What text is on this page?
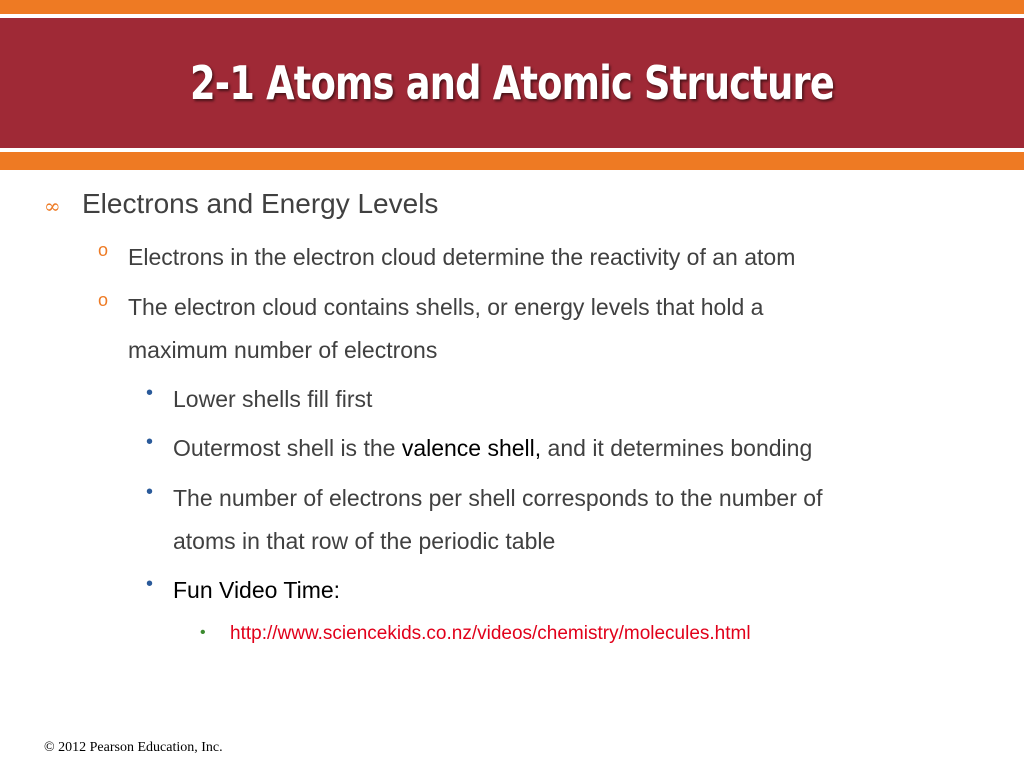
2-1 Atoms and Atomic Structure
∞ Electrons and Energy Levels
o Electrons in the electron cloud determine the reactivity of an atom
o The electron cloud contains shells, or energy levels that hold a
maximum number of electrons
• Lower shells fill first
• Outermost shell is the valence shell, and it determines bonding
• The number of electrons per shell corresponds to the number of
atoms in that row of the periodic table
• Fun Video Time:
• http://www.sciencekids.co.nz/videos/chemistry/molecules.html
© 2012 Pearson Education, Inc.
